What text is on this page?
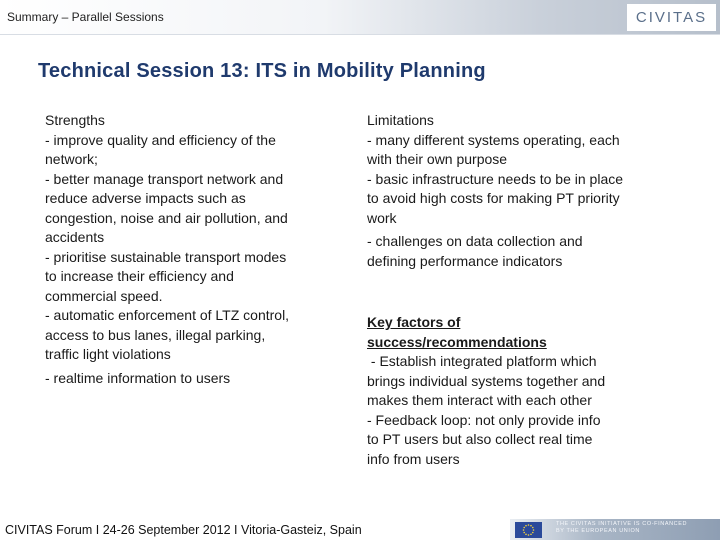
Summary – Parallel Sessions	CIVITAS
Technical Session 13: ITS in Mobility Planning
Strengths
- improve quality and efficiency of the
network;
- better manage transport network and
reduce adverse impacts such as
congestion, noise and air pollution, and
accidents
- prioritise sustainable transport modes
to increase their efficiency and
commercial speed.
- automatic enforcement of LTZ control,
access to bus lanes, illegal parking,
traffic light violations
- realtime information to users
Limitations
- many different systems operating, each
with their own purpose
- basic infrastructure needs to be in place
to avoid high costs for making PT priority
work
- challenges on data collection and
defining performance indicators
Key factors of
success/recommendations
- Establish integrated platform which
brings individual systems together and
makes them interact with each other
- Feedback loop: not only provide info
to PT users but also collect real time
info from users
CIVITAS Forum I 24-26 September 2012 I Vitoria-Gasteiz, Spain	THE CIVITAS INITIATIVE IS CO-FINANCED
BY THE EUROPEAN UNION
